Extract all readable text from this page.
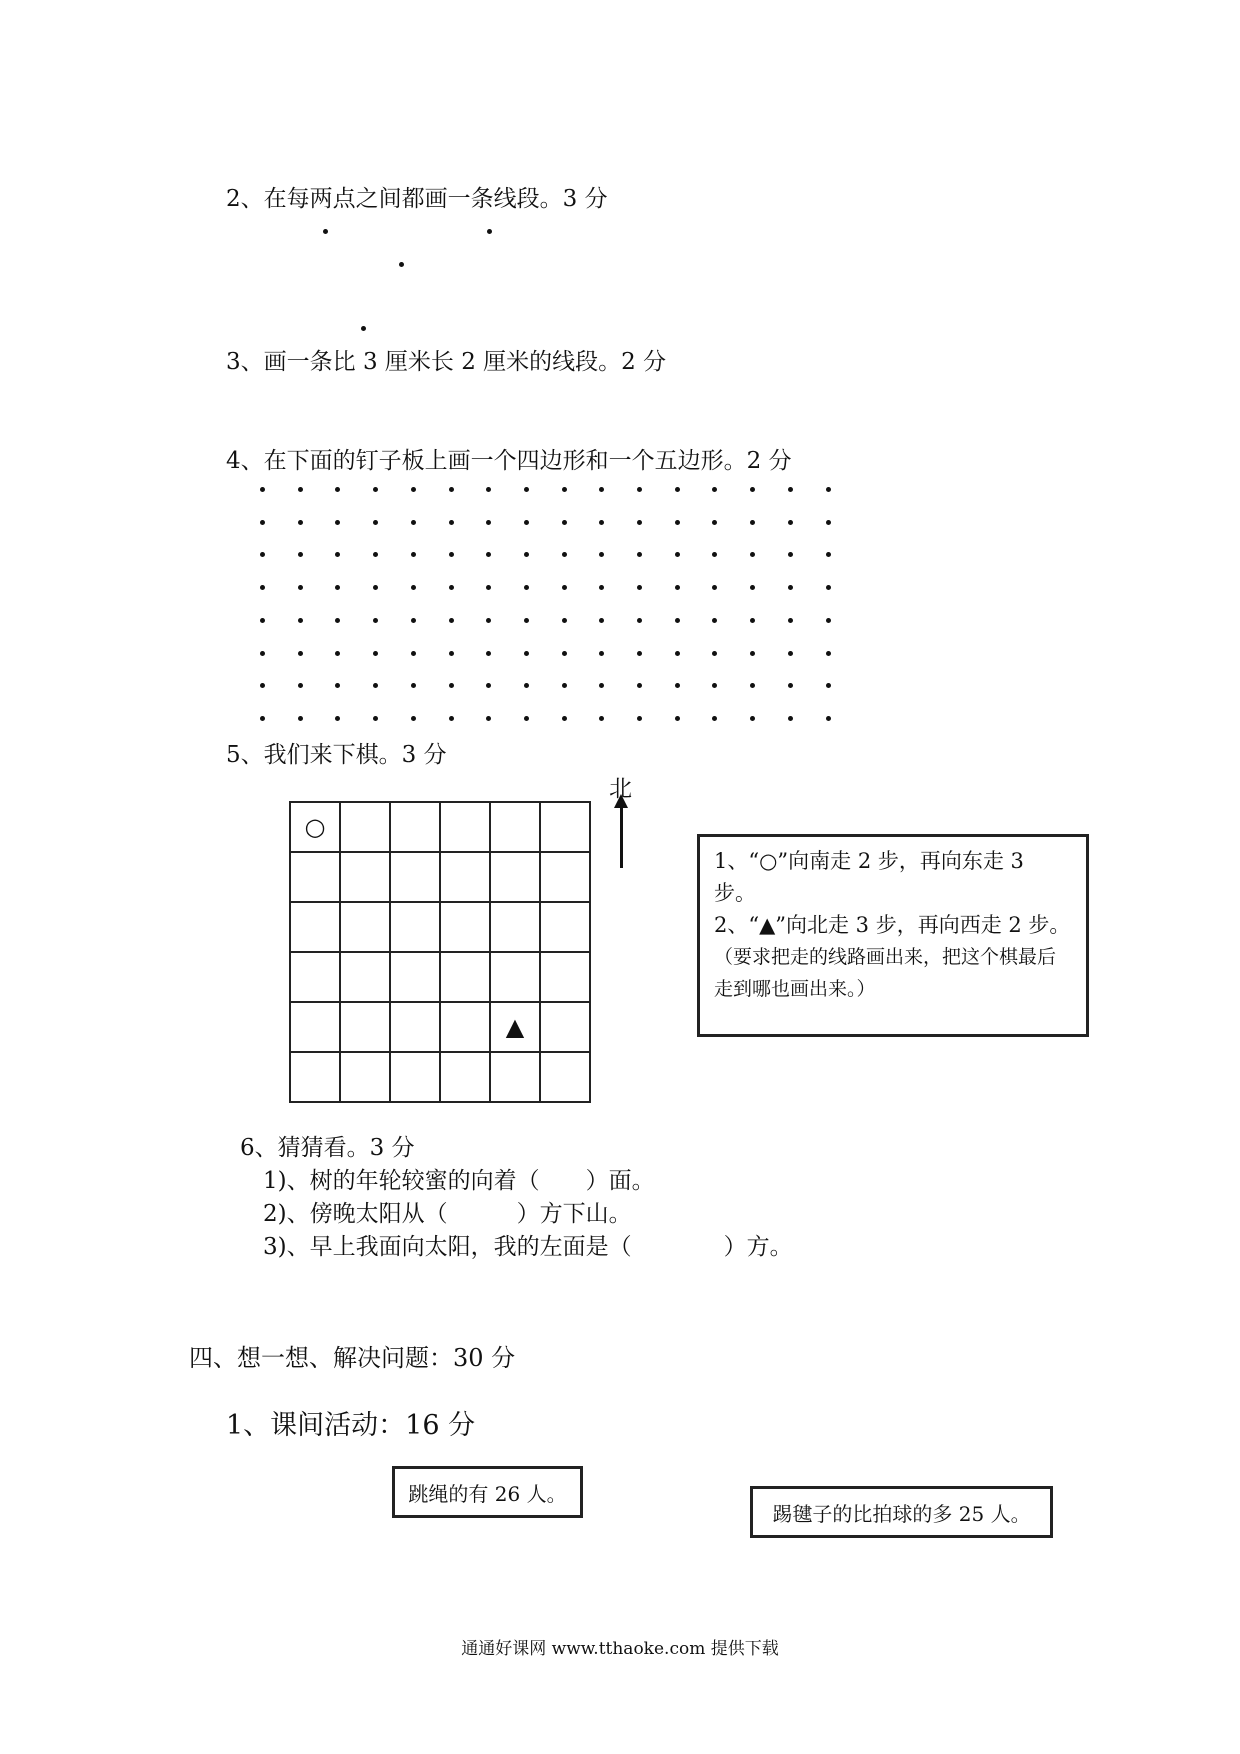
2、在每两点之间都画一条线段。3 分
3、画一条比 3 厘米长 2 厘米的线段。2 分
4、在下面的钉子板上画一个四边形和一个五边形。2 分
5、我们来下棋。3 分
○					

				▲	

北
1、“○”向南走 2 步，再向东走 3 步。
2、“▲”向北走 3 步，再向西走 2 步。
（要求把走的线路画出来，把这个棋最后走到哪也画出来。）
6、猜猜看。3 分
1)、树的年轮较蜜的向着（　　）面。
2)、傍晚太阳从（　　　）方下山。
3)、早上我面向太阳，我的左面是（　　　　）方。
四、想一想、解决问题：30 分
1、课间活动：16 分
跳绳的有 26 人。
踢毽子的比拍球的多 25 人。
通通好课网 www.tthaoke.com 提供下载
